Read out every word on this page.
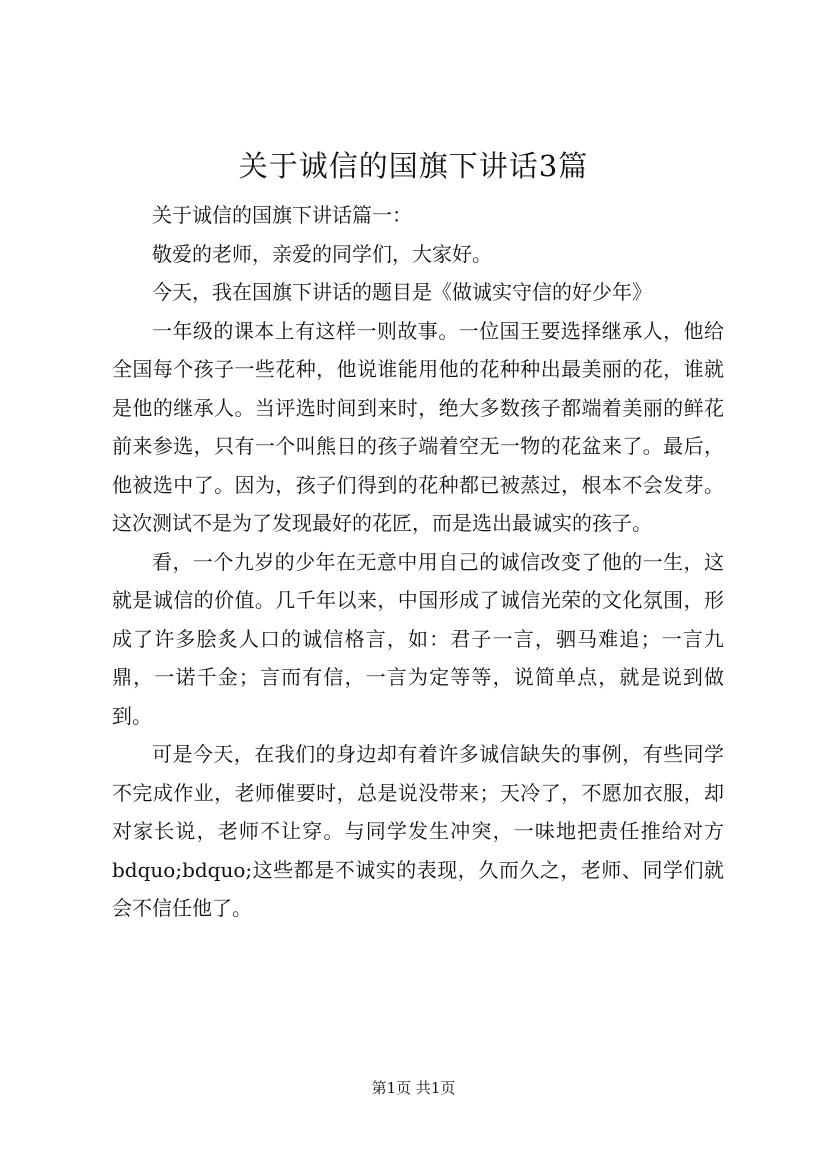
关于诚信的国旗下讲话3篇

关于诚信的国旗下讲话篇一：

敬爱的老师，亲爱的同学们，大家好。

今天，我在国旗下讲话的题目是《做诚实守信的好少年》

一年级的课本上有这样一则故事。一位国王要选择继承人，他给全国每个孩子一些花种，他说谁能用他的花种种出最美丽的花，谁就是他的继承人。当评选时间到来时，绝大多数孩子都端着美丽的鲜花前来参选，只有一个叫熊日的孩子端着空无一物的花盆来了。最后，他被选中了。因为，孩子们得到的花种都已被蒸过，根本不会发芽。这次测试不是为了发现最好的花匠，而是选出最诚实的孩子。

看，一个九岁的少年在无意中用自己的诚信改变了他的一生，这就是诚信的价值。几千年以来，中国形成了诚信光荣的文化氛围，形成了许多脍炙人口的诚信格言，如：君子一言，驷马难追；一言九鼎，一诺千金；言而有信，一言为定等等，说简单点，就是说到做到。

可是今天，在我们的身边却有着许多诚信缺失的事例，有些同学不完成作业，老师催要时，总是说没带来；天冷了，不愿加衣服，却对家长说，老师不让穿。与同学发生冲突，一味地把责任推给对方bdquo;bdquo;这些都是不诚实的表现，久而久之，老师、同学们就会不信任他了。

第1页 共1页
